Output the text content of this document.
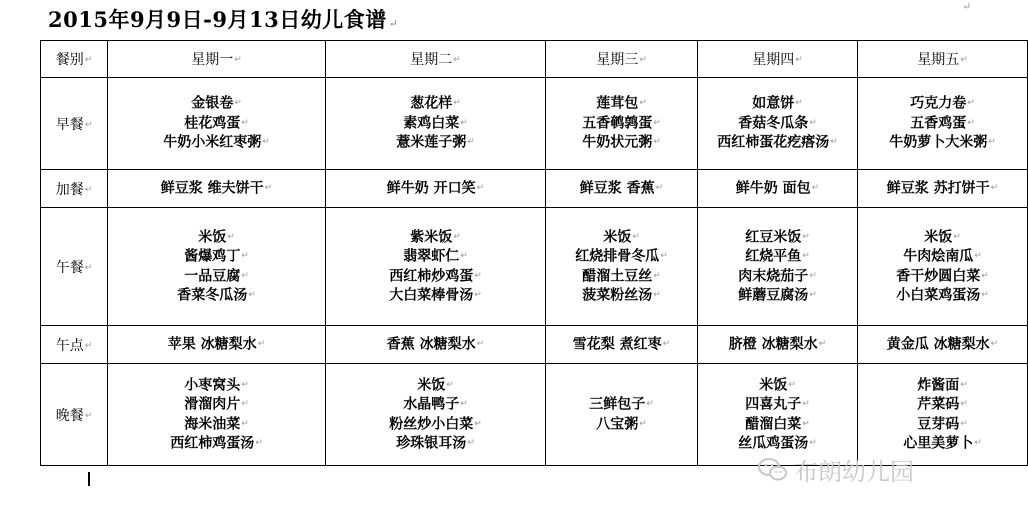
2015年9月9日-9月13日幼儿食谱 ↵
↵
餐别↵	星期一↵	星期二↵	星期三↵	星期四↵	星期五↵
早餐↵	金银卷↵
桂花鸡蛋↵
牛奶小米红枣粥↵	葱花样↵
素鸡白菜↵
薏米莲子粥↵	莲茸包↵
五香鹌鹑蛋↵
牛奶状元粥↵	如意饼↵
香菇冬瓜条↵
西红柿蛋花疙瘩汤↵	巧克力卷↵
五香鸡蛋↵
牛奶萝卜大米粥↵

加餐↵	鲜豆浆 维夫饼干↵	鲜牛奶 开口笑↵	鲜豆浆 香蕉↵	鲜牛奶 面包↵	鲜豆浆 苏打饼干↵

午餐↵	米饭↵
酱爆鸡丁↵
一品豆腐↵
香菜冬瓜汤↵	紫米饭↵
翡翠虾仁↵
西红柿炒鸡蛋↵
大白菜棒骨汤↵	米饭↵
红烧排骨冬瓜↵
醋溜土豆丝↵
菠菜粉丝汤↵	红豆米饭↵
红烧平鱼↵
肉末烧茄子↵
鲜蘑豆腐汤↵	米饭↵
牛肉烩南瓜↵
香干炒圆白菜↵
小白菜鸡蛋汤↵

午点↵	苹果 冰糖梨水↵	香蕉 冰糖梨水↵	雪花梨 煮红枣↵	脐橙 冰糖梨水↵	黄金瓜 冰糖梨水↵

晚餐↵	小枣窝头↵
滑溜肉片↵
海米油菜↵
西红柿鸡蛋汤↵	米饭↵
水晶鸭子↵
粉丝炒小白菜↵
珍珠银耳汤↵	三鲜包子↵
八宝粥↵	米饭↵
四喜丸子↵
醋溜白菜↵
丝瓜鸡蛋汤↵	炸酱面↵
芹菜码↵
豆芽码↵
心里美萝卜↵
布朗幼儿园
